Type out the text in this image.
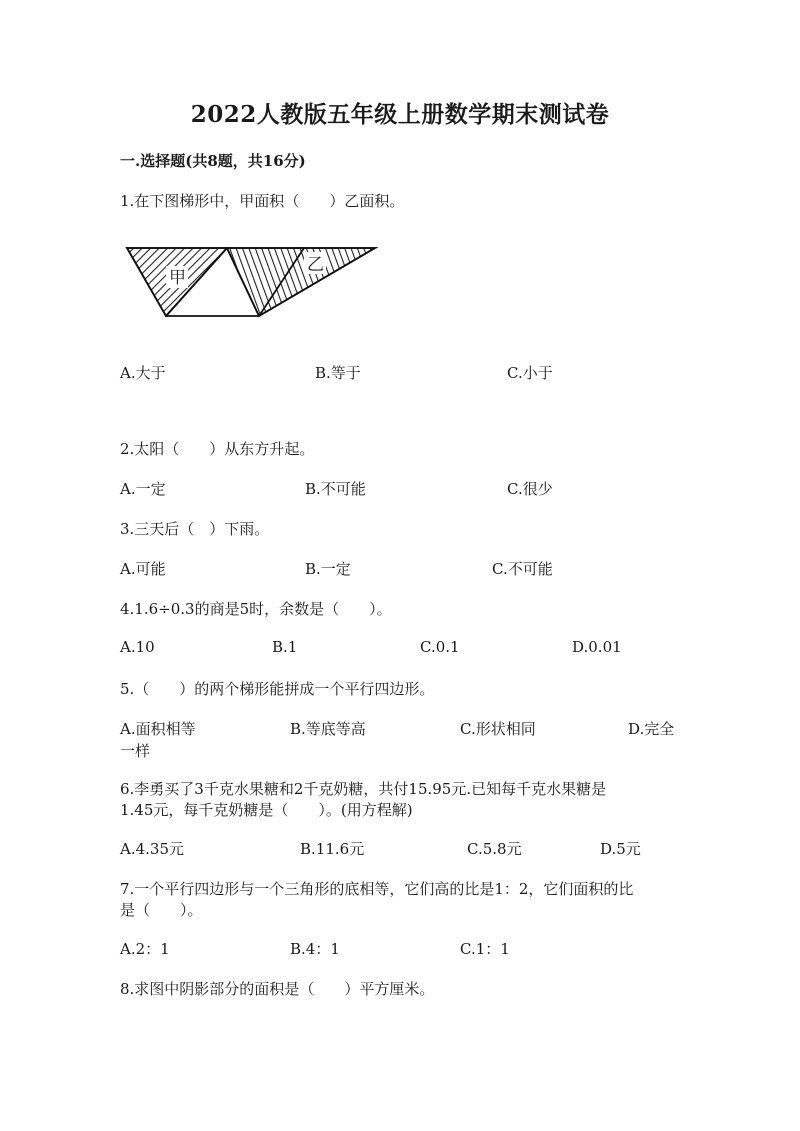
2022人教版五年级上册数学期末测试卷
一.选择题(共8题，共16分)
1.在下图梯形中，甲面积（　　）乙面积。
甲
乙
A.大于	B.等于	C.小于
2.太阳（　　）从东方升起。
A.一定	B.不可能	C.很少
3.三天后（　）下雨。
A.可能	B.一定	C.不可能
4.1.6÷0.3的商是5时，余数是（　　）。
A.10	B.1	C.0.1	D.0.01
5.（　　）的两个梯形能拼成一个平行四边形。
A.面积相等	B.等底等高	C.形状相同	D.完全
一样
6.李勇买了3千克水果糖和2千克奶糖，共付15.95元.已知每千克水果糖是
1.45元，每千克奶糖是（　　）。(用方程解)
A.4.35元	B.11.6元	C.5.8元	D.5元
7.一个平行四边形与一个三角形的底相等，它们高的比是1：2，它们面积的比
是（　　）。
A.2：1	B.4：1	C.1：1
8.求图中阴影部分的面积是（　　）平方厘米。
